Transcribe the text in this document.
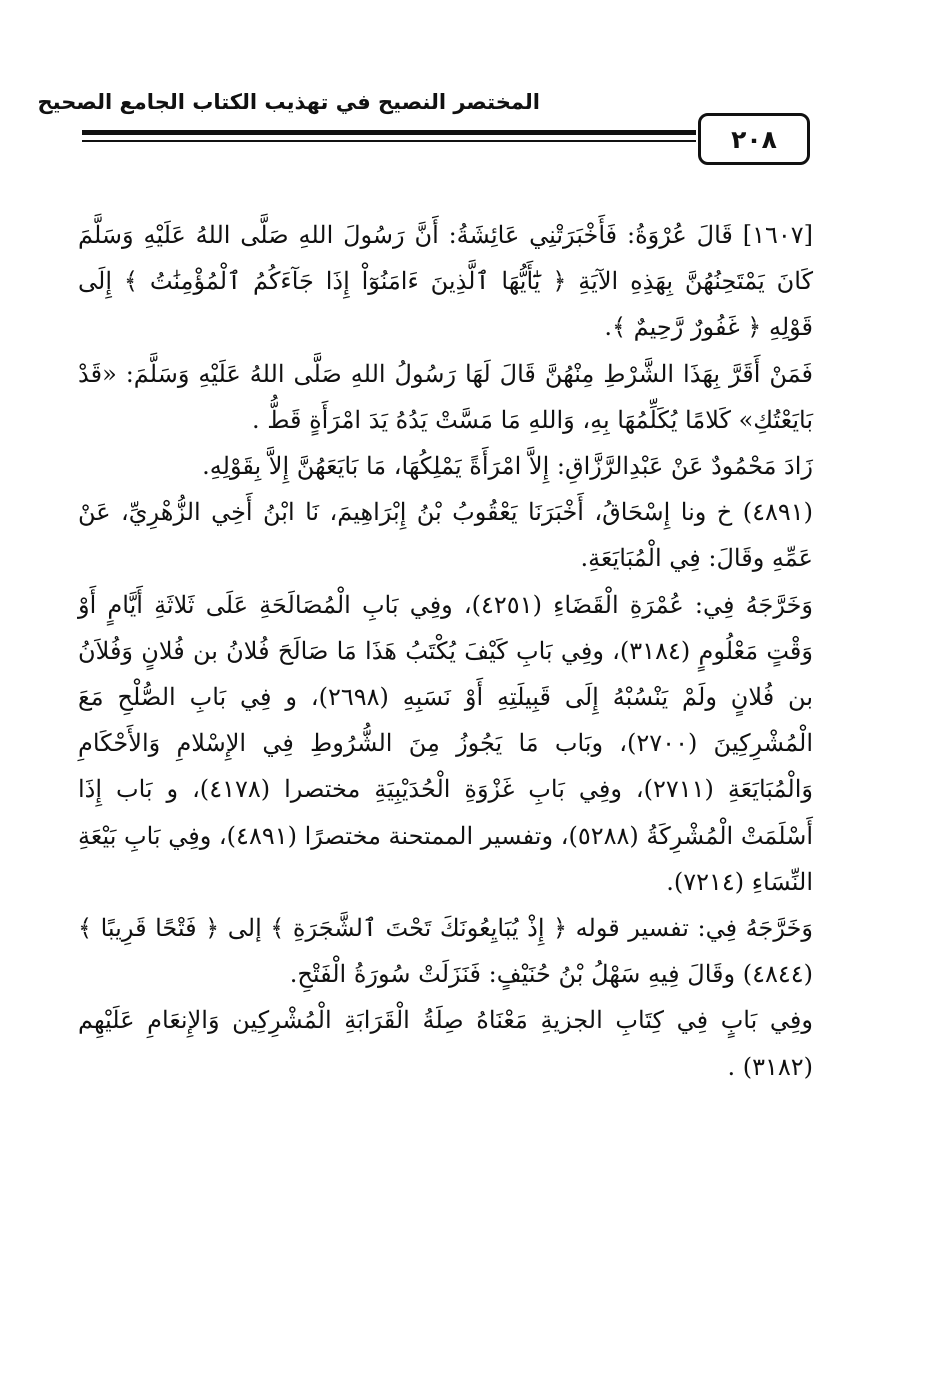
المختصر النصيح في تهذيب الكتاب الجامع الصحيح
٢٠٨

[١٦٠٧] قَالَ عُرْوَةُ: فَأَخْبَرَتْنِي عَائِشَةُ: أَنَّ رَسُولَ اللهِ صَلَّى اللهُ عَلَيْهِ وَسَلَّمَ كَانَ يَمْتَحِنُهُنَّ بِهَذِهِ الآيَةِ ﴿ يَٰٓأَيُّهَا ٱلَّذِينَ ءَامَنُوٓاْ إِذَا جَآءَكُمُ ٱلْمُؤْمِنَٰتُ ﴾ إِلَى قَوْلِهِ ﴿ غَفُورٌ رَّحِيمٌ ﴾.

فَمَنْ أَقَرَّ بِهَذَا الشَّرْطِ مِنْهُنَّ قَالَ لَهَا رَسُولُ اللهِ صَلَّى اللهُ عَلَيْهِ وَسَلَّمَ: «قَدْ بَايَعْتُكِ» كَلامًا يُكَلِّمُهَا بِهِ، وَاللهِ مَا مَسَّتْ يَدُهُ يَدَ امْرَأَةٍ قَطُّ .

زَادَ مَحْمُودٌ عَنْ عَبْدِالرَّزَّاقِ: إِلاَّ امْرَأَةً يَمْلِكُهَا، مَا بَايَعَهُنَّ إِلاَّ بِقَوْلِهِ.

(٤٨٩١) خ ونا إِسْحَاقُ، أَخْبَرَنَا يَعْقُوبُ بْنُ إِبْرَاهِيمَ، نَا ابْنُ أَخِي الزُّهْرِيِّ، عَنْ عَمِّهِ وقَالَ: فِي الْمُبَايَعَةِ.

وَخَرَّجَهُ فِي: عُمْرَةِ الْقَضَاءِ (٤٢٥١)، وفِي بَابِ الْمُصَالَحَةِ عَلَى ثَلاثَةِ أَيَّامٍ أَوْ وَقْتٍ مَعْلُومٍ (٣١٨٤)، وفِي بَابِ كَيْفَ يُكْتَبُ هَذَا مَا صَالَحَ فُلانُ بن فُلانٍ وَفُلاَنُ بن فُلانٍ ولَمْ يَنْسُبْهُ إِلَى قَبِيلَتِهِ أَوْ نَسَبِهِ (٢٦٩٨)، و فِي بَابِ الصُّلْحِ مَعَ الْمُشْرِكِينَ (٢٧٠٠)، وبَاب مَا يَجُوزُ مِنَ الشُّرُوطِ فِي الإِسْلامِ وَالأَحْكَامِ وَالْمُبَايَعَةِ (٢٧١١)، وفِي بَابِ غَزْوَةِ الْحُدَيْبِيَةِ مختصرا (٤١٧٨)، و بَاب إِذَا أَسْلَمَتْ الْمُشْرِكَةُ (٥٢٨٨)، وتفسير الممتحنة مختصرًا (٤٨٩١)، وفِي بَابِ بَيْعَةِ النِّسَاءِ (٧٢١٤).

وَخَرَّجَهُ فِي: تفسير قوله ﴿ إِذْ يُبَايِعُونَكَ تَحْتَ ٱلشَّجَرَةِ ﴾ إلى ﴿ فَتْحًا قَرِيبًا ﴾ (٤٨٤٤) وقَالَ فِيهِ سَهْلُ بْنُ حُنَيْفٍ: فَنَزَلَتْ سُورَةُ الْفَتْحِ.

وفِي بَابٍ فِي كِتَابِ الجزيةِ مَعْنَاهُ صِلَةُ الْقَرَابَةِ الْمُشْرِكِين وَالإِنعَامِ عَلَيْهِم (٣١٨٢) .
